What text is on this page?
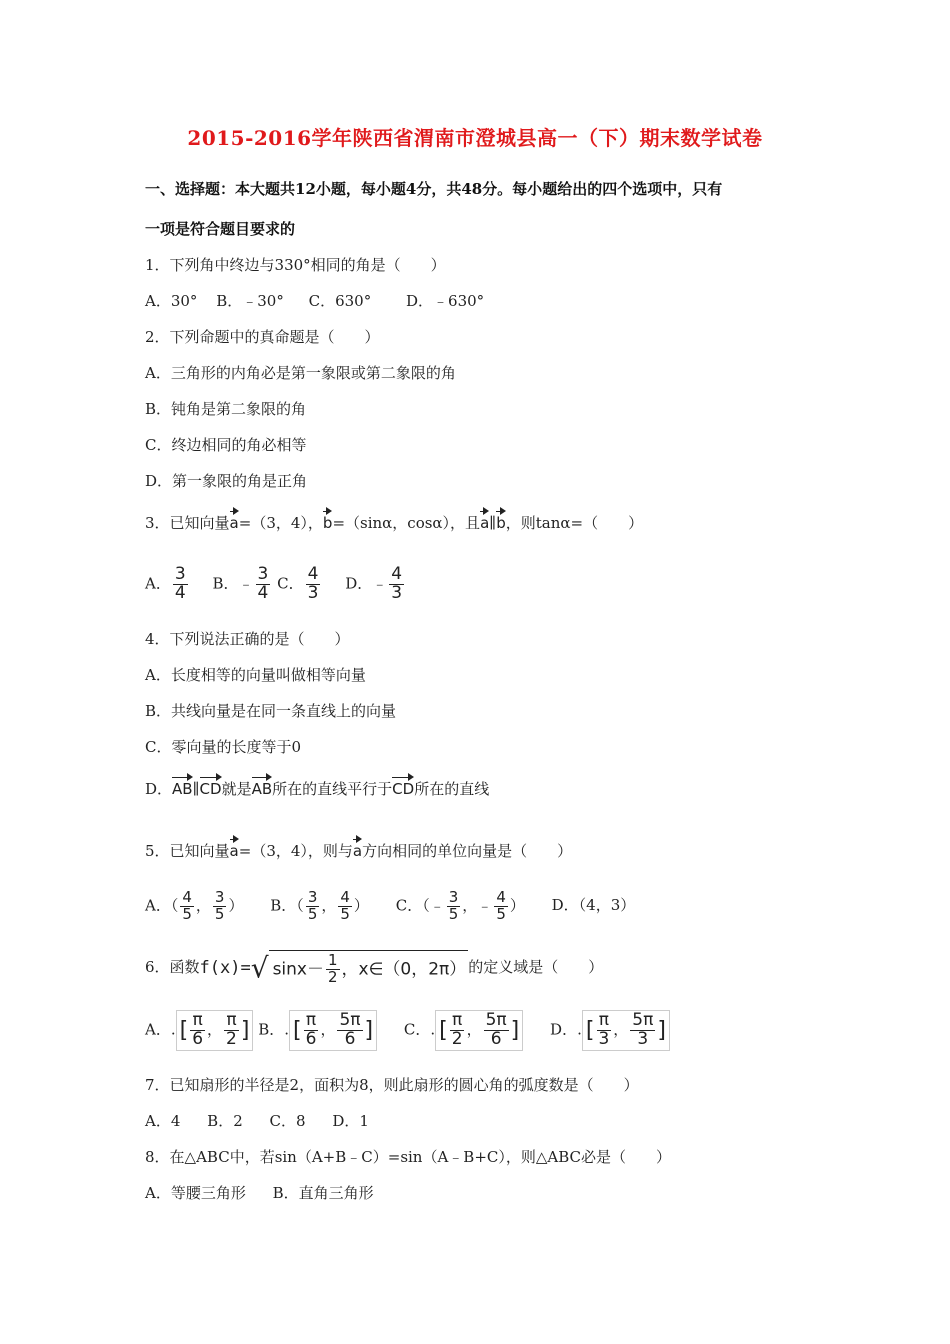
2015-2016学年陕西省渭南市澄城县高一（下）期末数学试卷
一、选择题：本大题共12小题，每小题4分，共48分。每小题给出的四个选项中，只有
一项是符合题目要求的
1．下列角中终边与330°相同的角是（　　）
A．30° B．﹣30° C．630° D．﹣630°
2．下列命题中的真命题是（　　）
A．三角形的内角必是第一象限或第二象限的角
B．钝角是第二象限的角
C．终边相同的角必相等
D．第一象限的角是正角
3．已知向量a=（3，4），b=（sinα，cosα），且a∥b，则tanα=（　　）
A． $\frac{3}{4}$ B．﹣ $\frac{3}{4}$ C． $\frac{4}{3}$ D．﹣ $\frac{4}{3}$
4．下列说法正确的是（　　）
A．长度相等的向量叫做相等向量
B．共线向量是在同一条直线上的向量
C．零向量的长度等于0
D．AB∥CD就是AB所在的直线平行于CD所在的直线
5．已知向量a=（3，4），则与a方向相同的单位向量是（　　）
A．（ $\frac{4}{5}$ ， $\frac{3}{5}$ ） B．（ $\frac{3}{5}$ ， $\frac{4}{5}$ ） C．（﹣ $\frac{3}{5}$ ，﹣ $\frac{4}{5}$ ） D．（4，3）
6．函数f(x)=√ $\sin x- \frac{1}{2}$ ，x∈（0，2π） 的定义域是（　　）
A．. [ $\frac{\pi}{6}$ ， $\frac{\pi}{2}$ ] B．. [ $\frac{\pi}{6}$ ， $\frac{5\pi}{6}$ ] C．. [ $\frac{\pi}{2}$ ， $\frac{5\pi}{6}$ ] D．. [ $\frac{\pi}{3}$ ， $\frac{5\pi}{3}$ ]
7．已知扇形的半径是2，面积为8，则此扇形的圆心角的弧度数是（　　）
A．4 B．2 C．8 D．1
8．在△ABC中，若sin（A+B﹣C）=sin（A﹣B+C），则△ABC必是（　　）
A．等腰三角形 B．直角三角形
